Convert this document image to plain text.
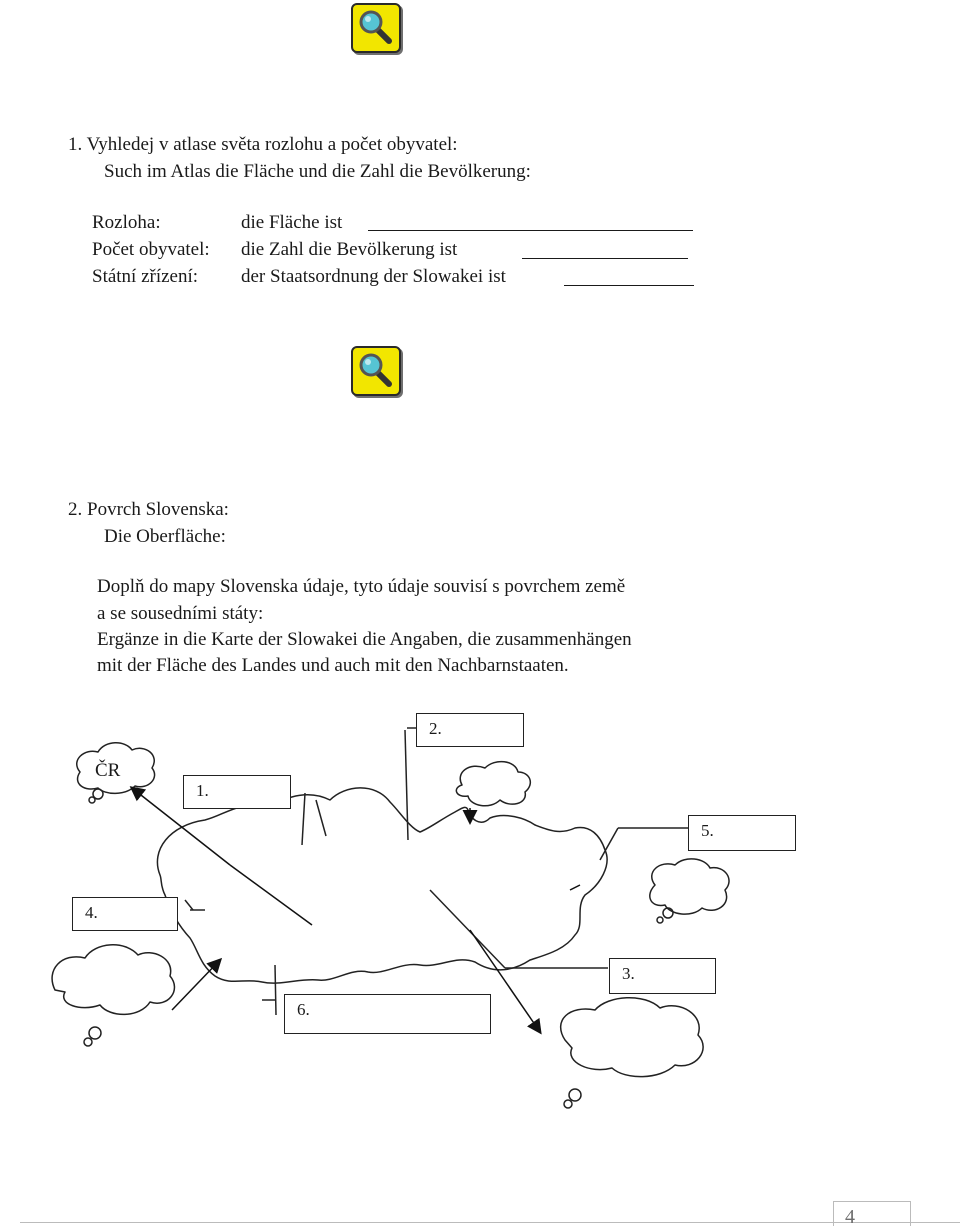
1. Vyhledej v atlase světa rozlohu a počet obyvatel:
Such im Atlas die Fläche und die Zahl die Bevölkerung:
Rozloha:	die Fläche ist
Počet obyvatel: die Zahl die Bevölkerung ist
Státní zřízení: der Staatsordnung der Slowakei ist
2. Povrch Slovenska:
Die Oberfläche:
Doplň do mapy Slovenska údaje, tyto údaje souvisí s povrchem země
a se sousedními státy:
Ergänze in die Karte der Slowakei die Angaben, die zusammenhängen
mit der Fläche des Landes und auch mit den Nachbarnstaaten.
ČR
1.
2.
3.
4.
5.
6.
4
